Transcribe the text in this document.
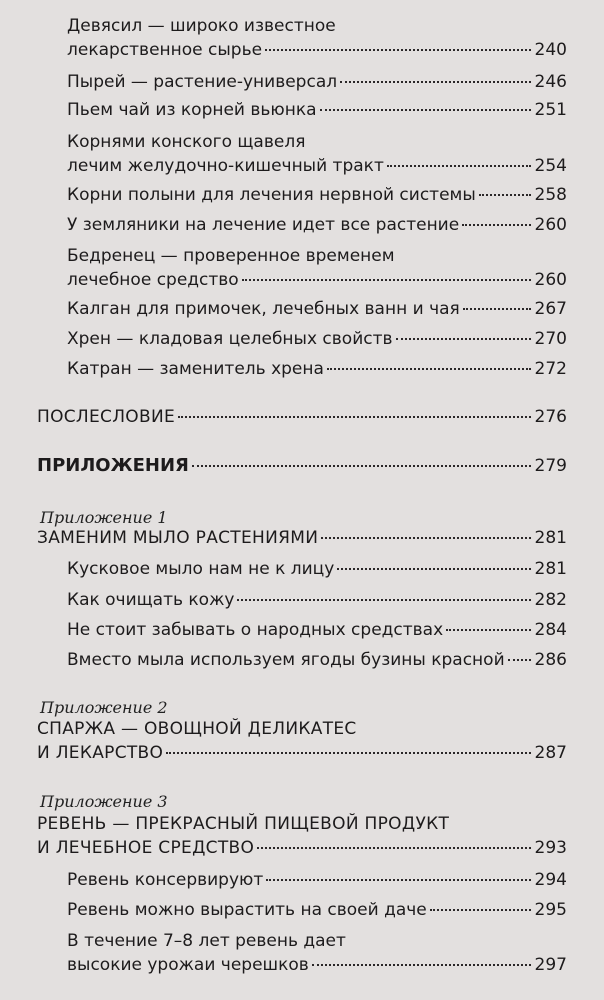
Девясил — широко известное
лекарственное сырье	240
Пырей — растение-универсал	246
Пьем чай из корней вьюнка	251
Корнями конского щавеля
лечим желудочно-кишечный тракт	254
Корни полыни для лечения нервной системы	258
У земляники на лечение идет все растение	260
Бедренец — проверенное временем
лечебное средство	260
Калган для примочек, лечебных ванн и чая	267
Хрен — кладовая целебных свойств	270
Катран — заменитель хрена	272
ПОСЛЕСЛОВИЕ	276
ПРИЛОЖЕНИЯ	279
Приложение 1
ЗАМЕНИМ МЫЛО РАСТЕНИЯМИ	281
Кусковое мыло нам не к лицу	281
Как очищать кожу	282
Не стоит забывать о народных средствах	284
Вместо мыла используем ягоды бузины красной 286
Приложение 2
СПАРЖА — ОВОЩНОЙ ДЕЛИКАТЕС
И ЛЕКАРСТВО	287
Приложение 3
РЕВЕНЬ — ПРЕКРАСНЫЙ ПИЩЕВОЙ ПРОДУКТ
И ЛЕЧЕБНОЕ СРЕДСТВО	293
Ревень консервируют	294
Ревень можно вырастить на своей даче	295
В течение 7–8 лет ревень дает
высокие урожаи черешков	297
